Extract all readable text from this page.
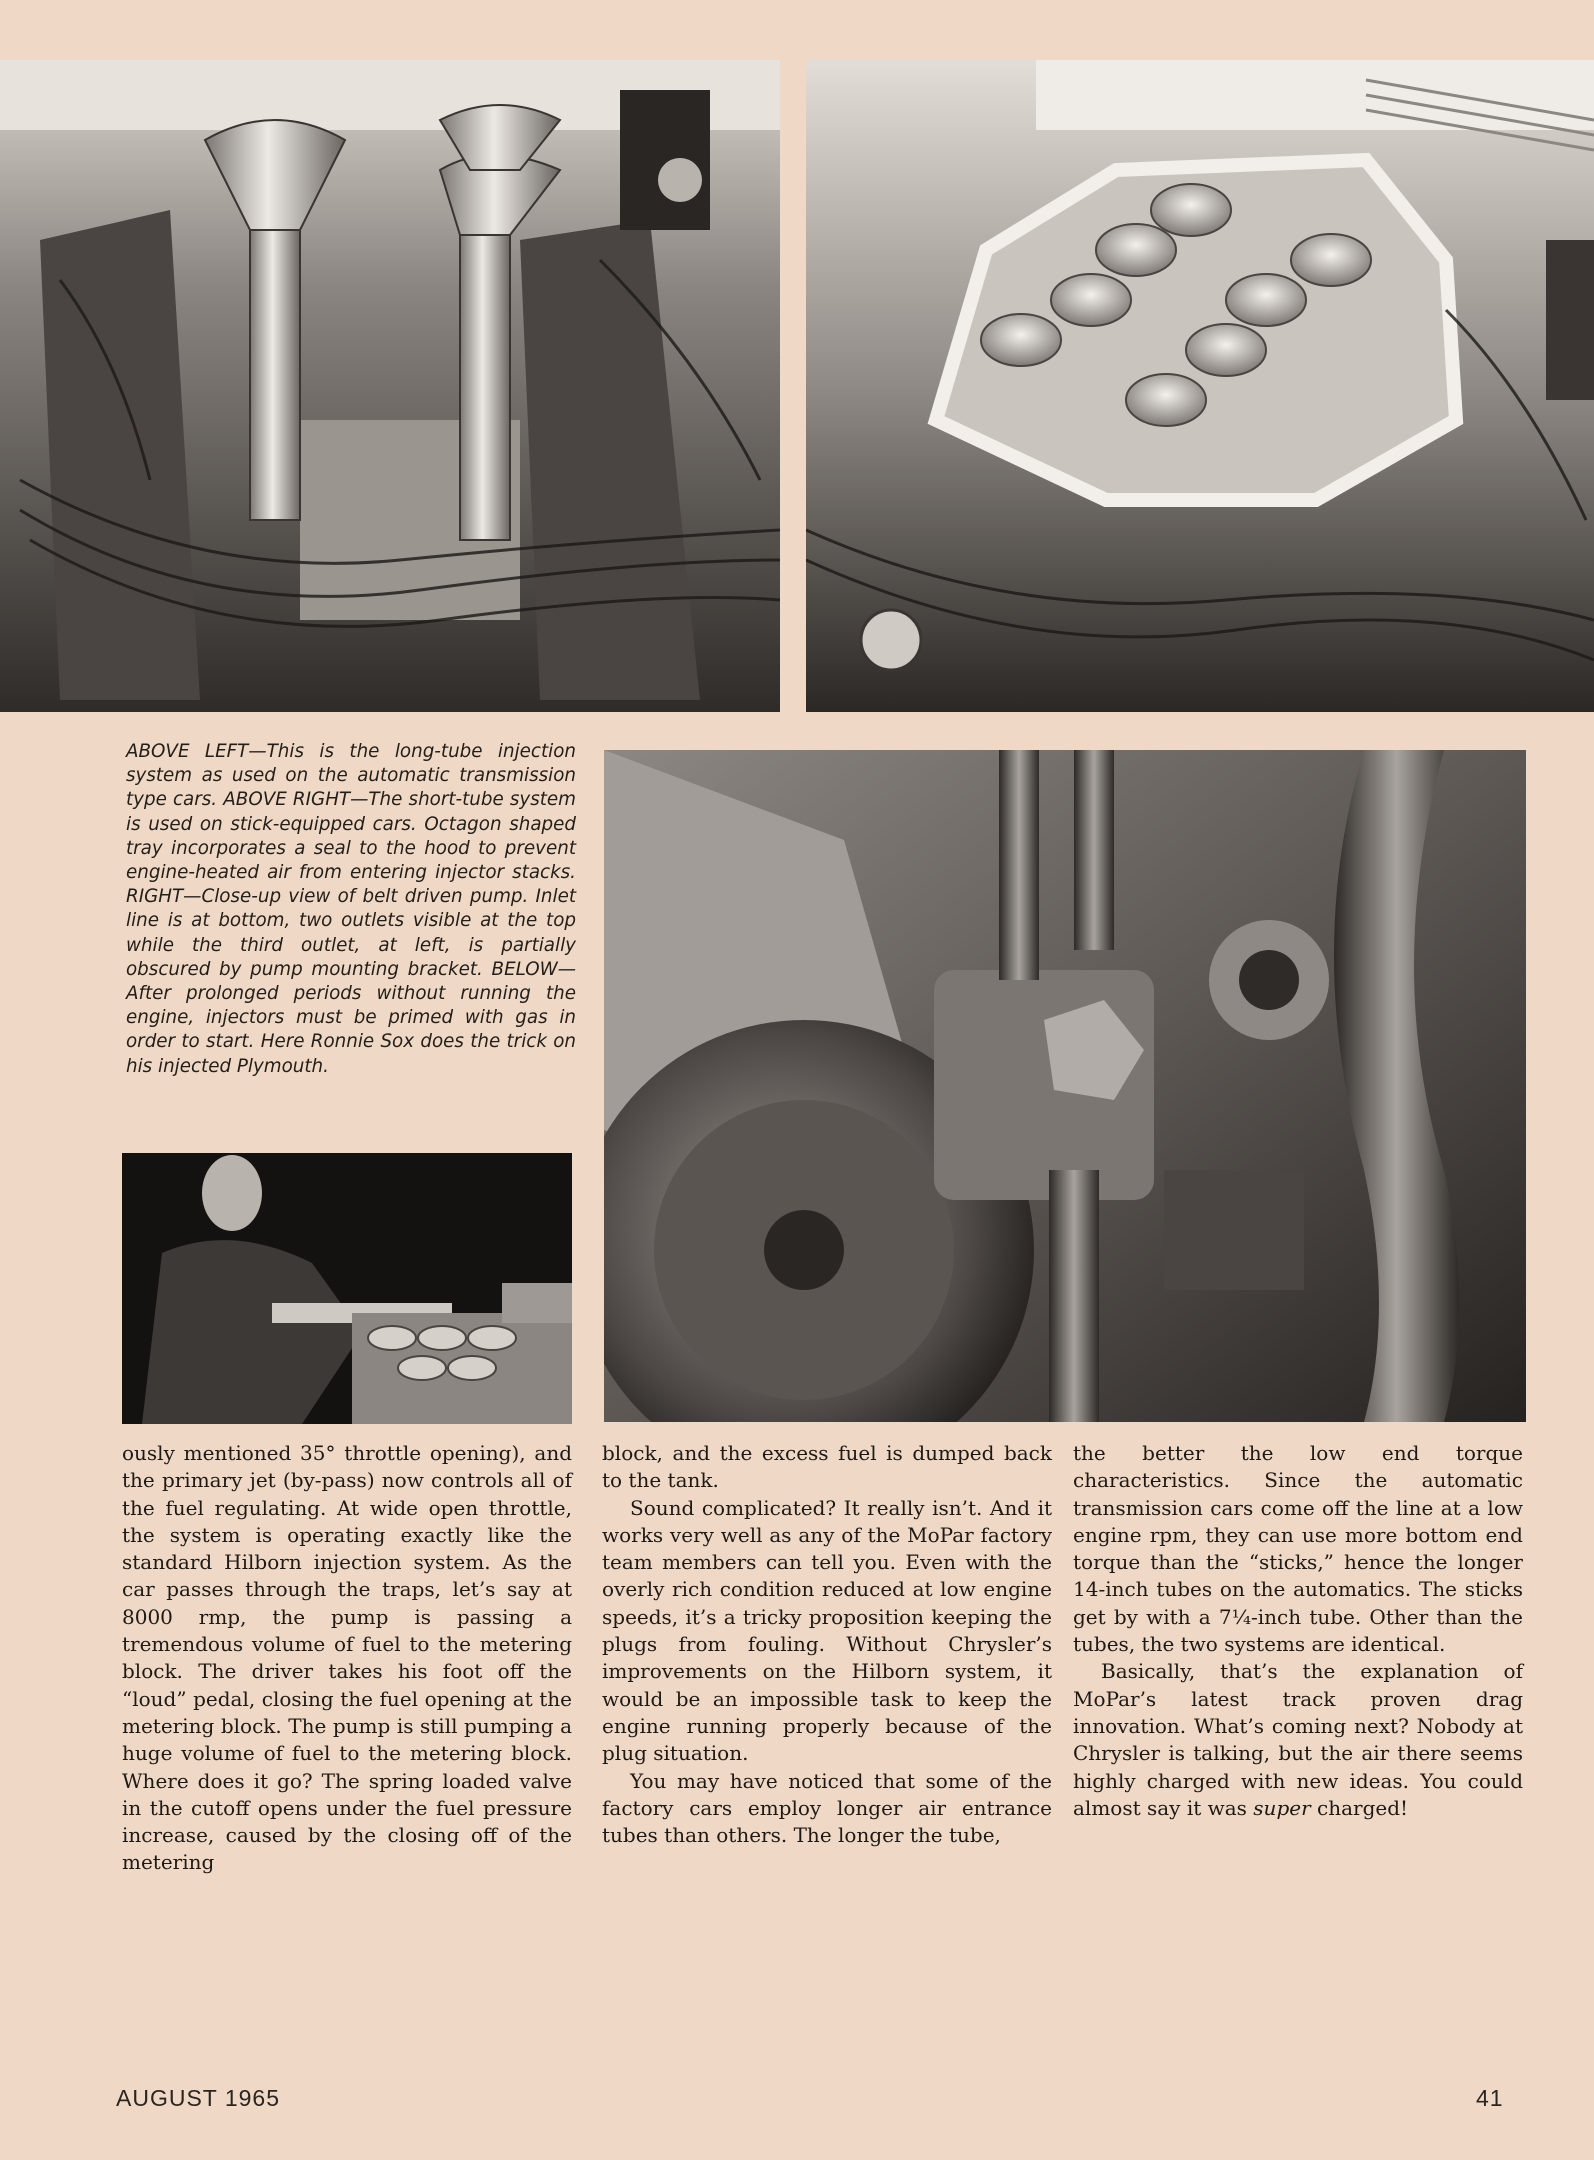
ABOVE LEFT—This is the long-tube injection system as used on the automatic transmission type cars. ABOVE RIGHT—The short-tube system is used on stick-equipped cars. Octagon shaped tray incorporates a seal to the hood to prevent engine-heated air from entering injector stacks. RIGHT—Close-up view of belt driven pump. Inlet line is at bottom, two outlets visible at the top while the third outlet, at left, is partially obscured by pump mounting bracket. BELOW—After prolonged periods without running the engine, injectors must be primed with gas in order to start. Here Ronnie Sox does the trick on his injected Plymouth.

ously mentioned 35° throttle opening), and the primary jet (by-pass) now controls all of the fuel regulating. At wide open throttle, the system is operating exactly like the standard Hilborn injection system. As the car passes through the traps, let’s say at 8000 rmp, the pump is passing a tremendous volume of fuel to the metering block. The driver takes his foot off the “loud” pedal, closing the fuel opening at the metering block. The pump is still pumping a huge volume of fuel to the metering block. Where does it go? The spring loaded valve in the cutoff opens under the fuel pressure increase, caused by the closing off of the metering

block, and the excess fuel is dumped back to the tank.

Sound complicated? It really isn’t. And it works very well as any of the MoPar factory team members can tell you. Even with the overly rich condition reduced at low engine speeds, it’s a tricky proposition keeping the plugs from fouling. Without Chrysler’s improvements on the Hilborn system, it would be an impossible task to keep the engine running properly because of the plug situation.

You may have noticed that some of the factory cars employ longer air entrance tubes than others. The longer the tube,

the better the low end torque characteristics. Since the automatic transmission cars come off the line at a low engine rpm, they can use more bottom end torque than the “sticks,” hence the longer 14-inch tubes on the automatics. The sticks get by with a 7¼-inch tube. Other than the tubes, the two systems are identical.

Basically, that’s the explanation of MoPar’s latest track proven drag innovation. What’s coming next? Nobody at Chrysler is talking, but the air there seems highly charged with new ideas. You could almost say it was super charged!

AUGUST 1965	41
